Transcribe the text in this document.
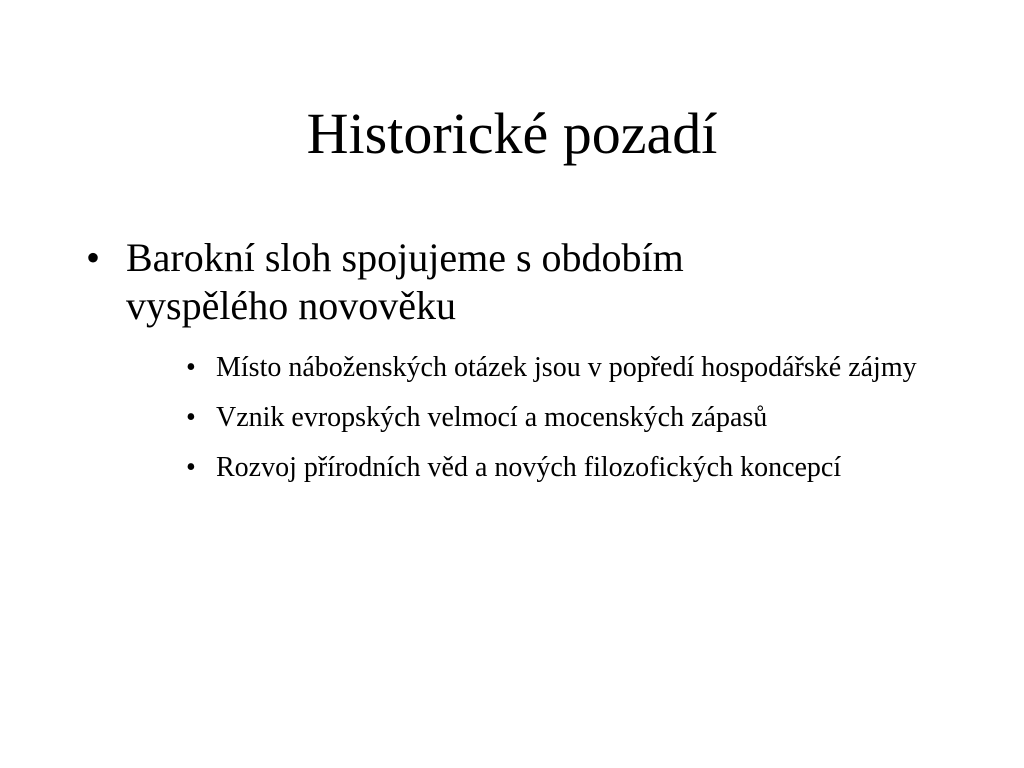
Historické pozadí
• Barokní sloh spojujeme s obdobím vyspělého novověku
• Místo náboženských otázek jsou v popředí hospodářské zájmy
• Vznik evropských velmocí a mocenských zápasů
• Rozvoj přírodních věd a nových filozofických koncepcí
